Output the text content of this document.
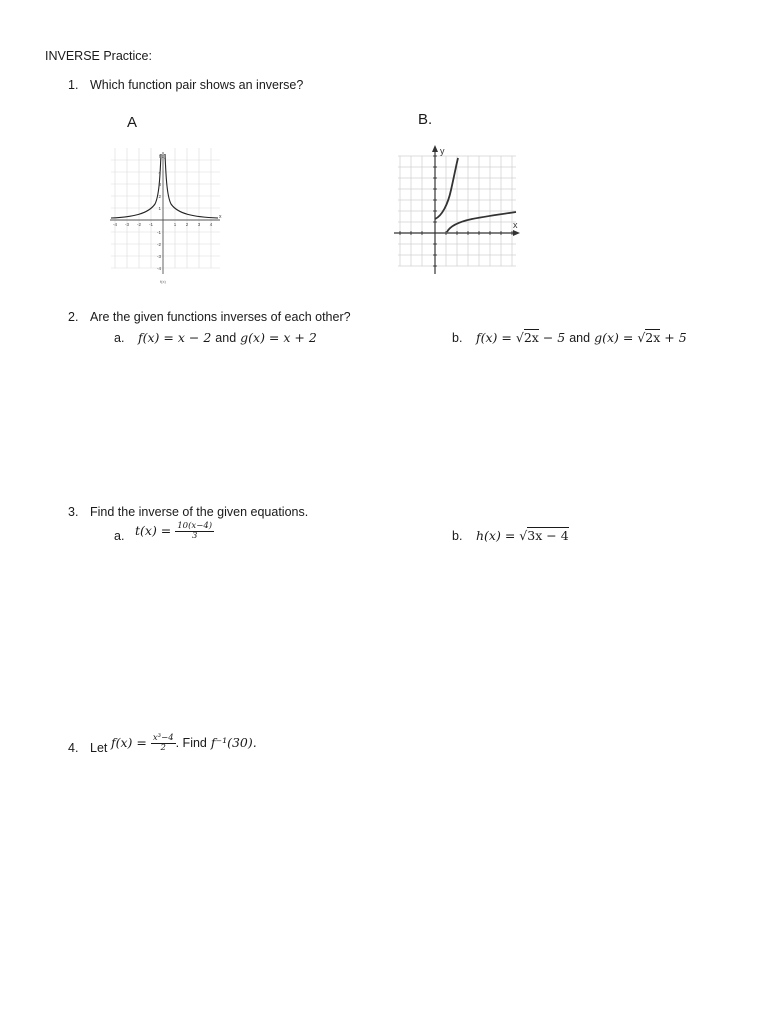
INVERSE Practice:
1. Which function pair shows an inverse?
A
f(x)
x
-4 -3 -2 -1	1 2 3 4
4
3
2
1
-1
-2
-3
-4
f(x)
B.
y
x
2. Are the given functions inverses of each other?
a. f(x) = x − 2 and g(x) = x + 2	b. f(x) = √2x − 5 and g(x) = √2x + 5
3. Find the inverse of the given equations.
a. $t(x) = \frac{10(x-4)}{3}$	b. h(x) = √3x − 4
4. Let $f(x) = \frac{\text{x³−4}}{2}$ . Find f⁻¹(30).
